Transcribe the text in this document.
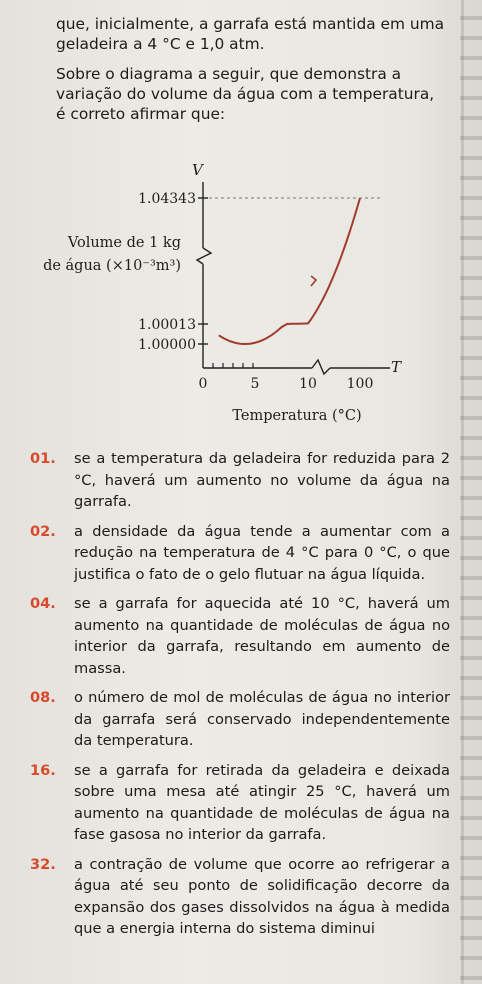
que, inicialmente, a garrafa está mantida em uma geladeira a 4 °C e 1,0 atm.

Sobre o diagrama a seguir, que demonstra a variação do volume da água com a temperatura, é correto afirmar que:

V
T
1.04343
1.00013
1.00000
Volume de 1 kg
de água (×10⁻³m³)
0	5	10 100
Temperatura (°C)
01.	se a temperatura da geladeira for reduzida para 2 °C, haverá um aumento no volume da água na garrafa.
02.	a densidade da água tende a aumentar com a redução na temperatura de 4 °C para 0 °C, o que justifica o fato de o gelo flutuar na água líquida.
04.	se a garrafa for aquecida até 10 °C, haverá um aumento na quantidade de moléculas de água no interior da garrafa, resultando em aumento de massa.
08.	o número de mol de moléculas de água no interior da garrafa será conservado independentemente da temperatura.
16.	se a garrafa for retirada da geladeira e deixada sobre uma mesa até atingir 25 °C, haverá um aumento na quantidade de moléculas de água na fase gasosa no interior da garrafa.
32.	a contração de volume que ocorre ao refrigerar a água até seu ponto de solidificação decorre da expansão dos gases dissolvidos na água à medida que a energia interna do sistema diminui
